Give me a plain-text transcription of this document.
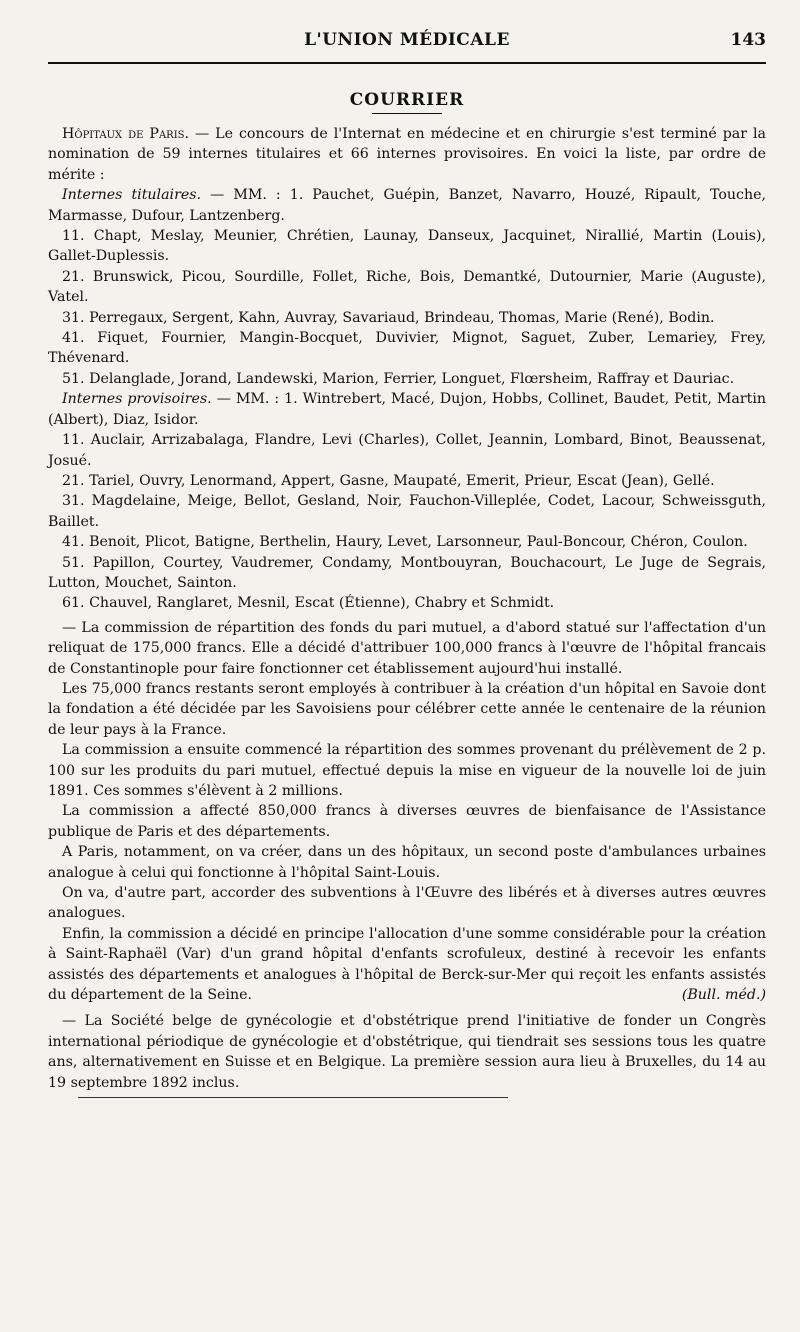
L'UNION MÉDICALE	143
COURRIER

Hôpitaux de Paris. — Le concours de l'Internat en médecine et en chirurgie s'est terminé par la nomination de 59 internes titulaires et 66 internes provisoires. En voici la liste, par ordre de mérite :

Internes titulaires. — MM. : 1. Pauchet, Guépin, Banzet, Navarro, Houzé, Ripault, Touche, Marmasse, Dufour, Lantzenberg.

11. Chapt, Meslay, Meunier, Chrétien, Launay, Danseux, Jacquinet, Nirallié, Martin (Louis), Gallet-Duplessis.

21. Brunswick, Picou, Sourdille, Follet, Riche, Bois, Demantké, Dutournier, Marie (Auguste), Vatel.

31. Perregaux, Sergent, Kahn, Auvray, Savariaud, Brindeau, Thomas, Marie (René), Bodin.

41. Fiquet, Fournier, Mangin-Bocquet, Duvivier, Mignot, Saguet, Zuber, Lemariey, Frey, Thévenard.

51. Delanglade, Jorand, Landewski, Marion, Ferrier, Longuet, Flœrsheim, Raffray et Dauriac.

Internes provisoires. — MM. : 1. Wintrebert, Macé, Dujon, Hobbs, Collinet, Baudet, Petit, Martin (Albert), Diaz, Isidor.

11. Auclair, Arrizabalaga, Flandre, Levi (Charles), Collet, Jeannin, Lombard, Binot, Beaussenat, Josué.

21. Tariel, Ouvry, Lenormand, Appert, Gasne, Maupaté, Emerit, Prieur, Escat (Jean), Gellé.

31. Magdelaine, Meige, Bellot, Gesland, Noir, Fauchon-Villeplée, Codet, Lacour, Schweissguth, Baillet.

41. Benoit, Plicot, Batigne, Berthelin, Haury, Levet, Larsonneur, Paul-Boncour, Chéron, Coulon.

51. Papillon, Courtey, Vaudremer, Condamy, Montbouyran, Bouchacourt, Le Juge de Segrais, Lutton, Mouchet, Sainton.

61. Chauvel, Ranglaret, Mesnil, Escat (Étienne), Chabry et Schmidt.

— La commission de répartition des fonds du pari mutuel, a d'abord statué sur l'affectation d'un reliquat de 175,000 francs. Elle a décidé d'attribuer 100,000 francs à l'œuvre de l'hôpital francais de Constantinople pour faire fonctionner cet établissement aujourd'hui installé.

Les 75,000 francs restants seront employés à contribuer à la création d'un hôpital en Savoie dont la fondation a été décidée par les Savoisiens pour célébrer cette année le centenaire de la réunion de leur pays à la France.

La commission a ensuite commencé la répartition des sommes provenant du prélèvement de 2 p. 100 sur les produits du pari mutuel, effectué depuis la mise en vigueur de la nouvelle loi de juin 1891. Ces sommes s'élèvent à 2 millions.

La commission a affecté 850,000 francs à diverses œuvres de bienfaisance de l'Assistance publique de Paris et des départements.

A Paris, notamment, on va créer, dans un des hôpitaux, un second poste d'ambulances urbaines analogue à celui qui fonctionne à l'hôpital Saint-Louis.

On va, d'autre part, accorder des subventions à l'Œuvre des libérés et à diverses autres œuvres analogues.

Enfin, la commission a décidé en principe l'allocation d'une somme considérable pour la création à Saint-Raphaël (Var) d'un grand hôpital d'enfants scrofuleux, destiné à recevoir les enfants assistés des départements et analogues à l'hôpital de Berck-sur-Mer qui reçoit les enfants assistés du département de la Seine.	(Bull. méd.)

— La Société belge de gynécologie et d'obstétrique prend l'initiative de fonder un Congrès international périodique de gynécologie et d'obstétrique, qui tiendrait ses sessions tous les quatre ans, alternativement en Suisse et en Belgique. La première session aura lieu à Bruxelles, du 14 au 19 septembre 1892 inclus.
